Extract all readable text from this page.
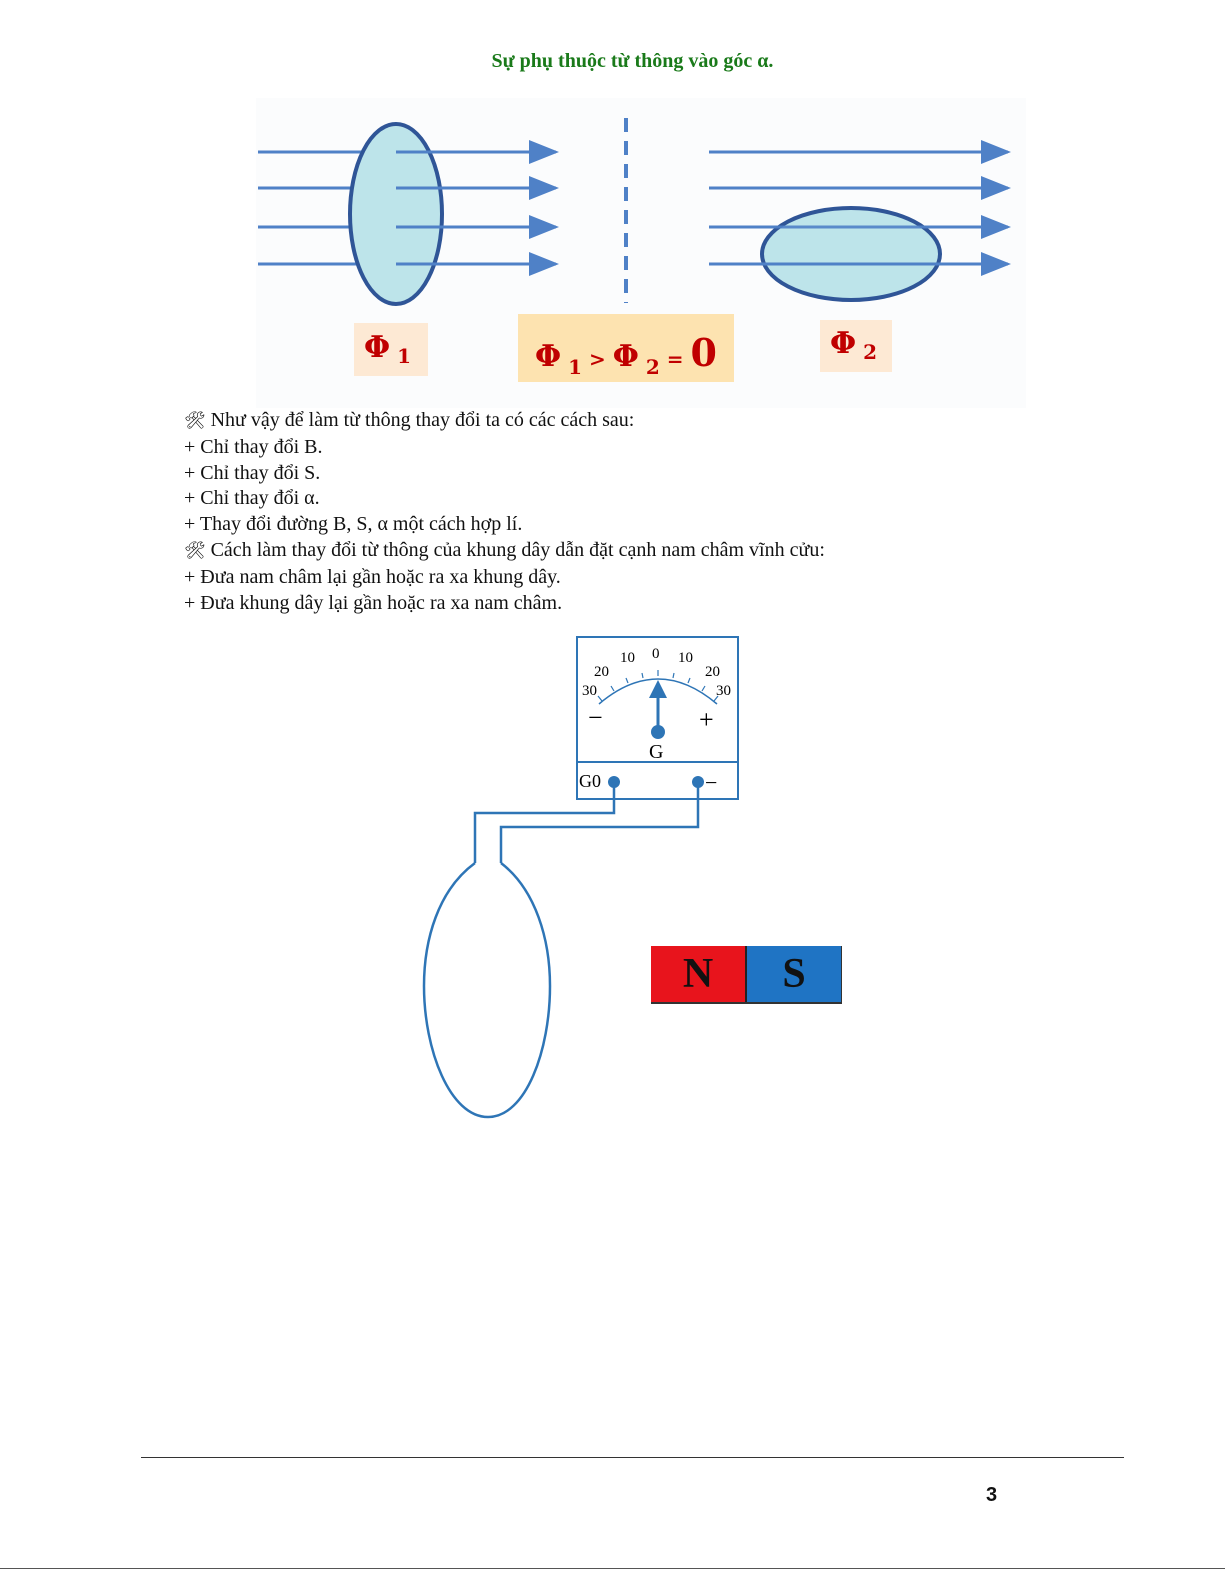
Sự phụ thuộc từ thông vào góc α.
Φ 1	Φ 1 > Φ 2 = 0	Φ 2
🛠 Như vậy để làm từ thông thay đổi ta có các cách sau:
+ Chỉ thay đổi B.
+ Chỉ thay đổi S.
+ Chỉ thay đổi α.
+ Thay đổi đường B, S, α một cách hợp lí.
🛠 Cách làm thay đổi từ thông của khung dây dẫn đặt cạnh nam châm vĩnh cửu:
+ Đưa nam châm lại gần hoặc ra xa khung dây.
+ Đưa khung dây lại gần hoặc ra xa nam châm.
30
20
10 0 10
20
30
−	+
G
G0	−
N	S
3
